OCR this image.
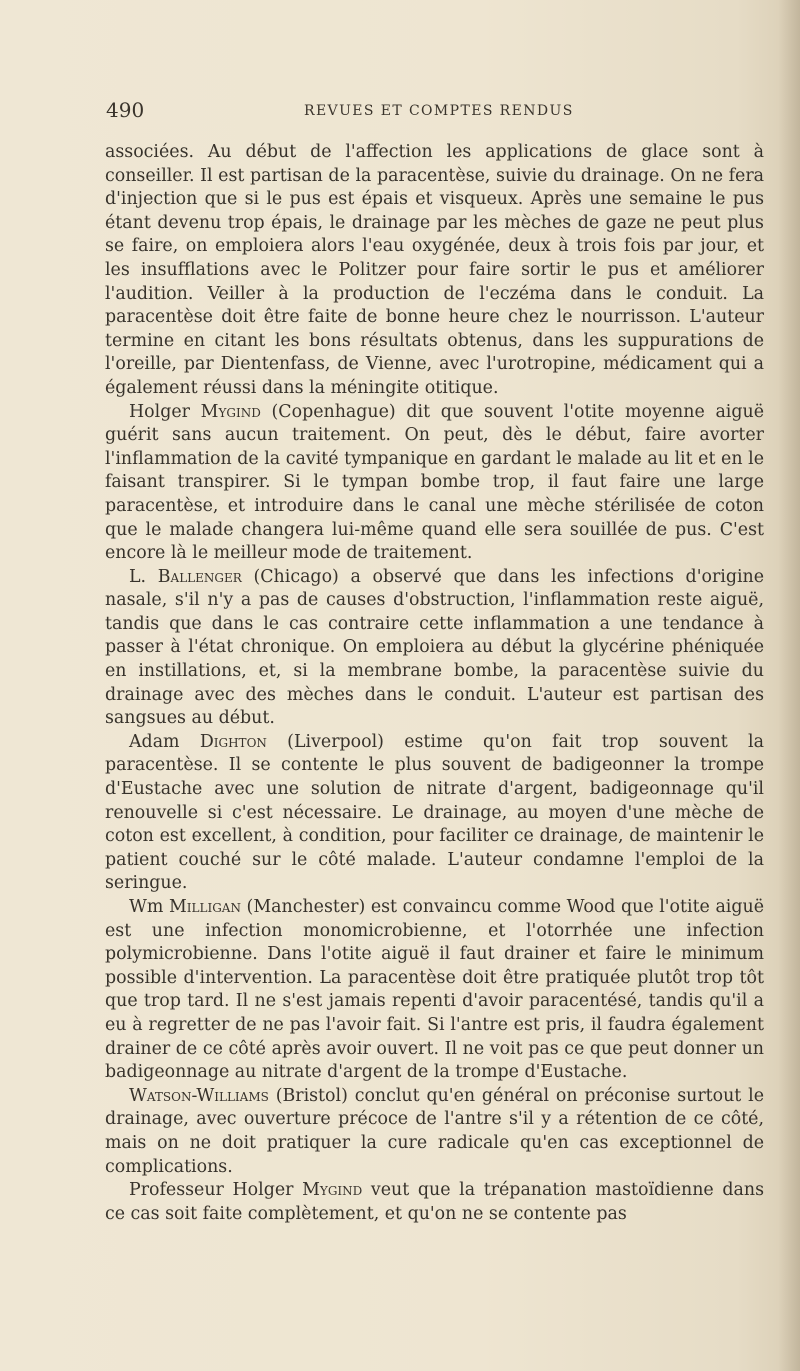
490	REVUES ET COMPTES RENDUS

associées. Au début de l'affection les applications de glace sont à conseiller. Il est partisan de la paracentèse, suivie du drainage. On ne fera d'injection que si le pus est épais et visqueux. Après une semaine le pus étant devenu trop épais, le drainage par les mèches de gaze ne peut plus se faire, on emploiera alors l'eau oxygénée, deux à trois fois par jour, et les insufflations avec le Politzer pour faire sortir le pus et améliorer l'audition. Veiller à la production de l'eczéma dans le conduit. La paracentèse doit être faite de bonne heure chez le nourrisson. L'auteur termine en citant les bons résultats obtenus, dans les suppurations de l'oreille, par Dientenfass, de Vienne, avec l'urotropine, médicament qui a également réussi dans la méningite otitique.

Holger Mygind (Copenhague) dit que souvent l'otite moyenne aiguë guérit sans aucun traitement. On peut, dès le début, faire avorter l'inflammation de la cavité tympanique en gardant le malade au lit et en le faisant transpirer. Si le tympan bombe trop, il faut faire une large paracentèse, et introduire dans le canal une mèche stérilisée de coton que le malade changera lui-même quand elle sera souillée de pus. C'est encore là le meilleur mode de traitement.

L. Ballenger (Chicago) a observé que dans les infections d'origine nasale, s'il n'y a pas de causes d'obstruction, l'inflammation reste aiguë, tandis que dans le cas contraire cette inflammation a une tendance à passer à l'état chronique. On emploiera au début la glycérine phéniquée en instillations, et, si la membrane bombe, la paracentèse suivie du drainage avec des mèches dans le conduit. L'auteur est partisan des sangsues au début.

Adam Dighton (Liverpool) estime qu'on fait trop souvent la paracentèse. Il se contente le plus souvent de badigeonner la trompe d'Eustache avec une solution de nitrate d'argent, badigeonnage qu'il renouvelle si c'est nécessaire. Le drainage, au moyen d'une mèche de coton est excellent, à condition, pour faciliter ce drainage, de maintenir le patient couché sur le côté malade. L'auteur condamne l'emploi de la seringue.

Wm Milligan (Manchester) est convaincu comme Wood que l'otite aiguë est une infection monomicrobienne, et l'otorrhée une infection polymicrobienne. Dans l'otite aiguë il faut drainer et faire le minimum possible d'intervention. La paracentèse doit être pratiquée plutôt trop tôt que trop tard. Il ne s'est jamais repenti d'avoir paracentésé, tandis qu'il a eu à regretter de ne pas l'avoir fait. Si l'antre est pris, il faudra également drainer de ce côté après avoir ouvert. Il ne voit pas ce que peut donner un badigeonnage au nitrate d'argent de la trompe d'Eustache.

Watson-Williams (Bristol) conclut qu'en général on préconise surtout le drainage, avec ouverture précoce de l'antre s'il y a rétention de ce côté, mais on ne doit pratiquer la cure radicale qu'en cas exceptionnel de complications.

Professeur Holger Mygind veut que la trépanation mastoïdienne dans ce cas soit faite complètement, et qu'on ne se contente pas
